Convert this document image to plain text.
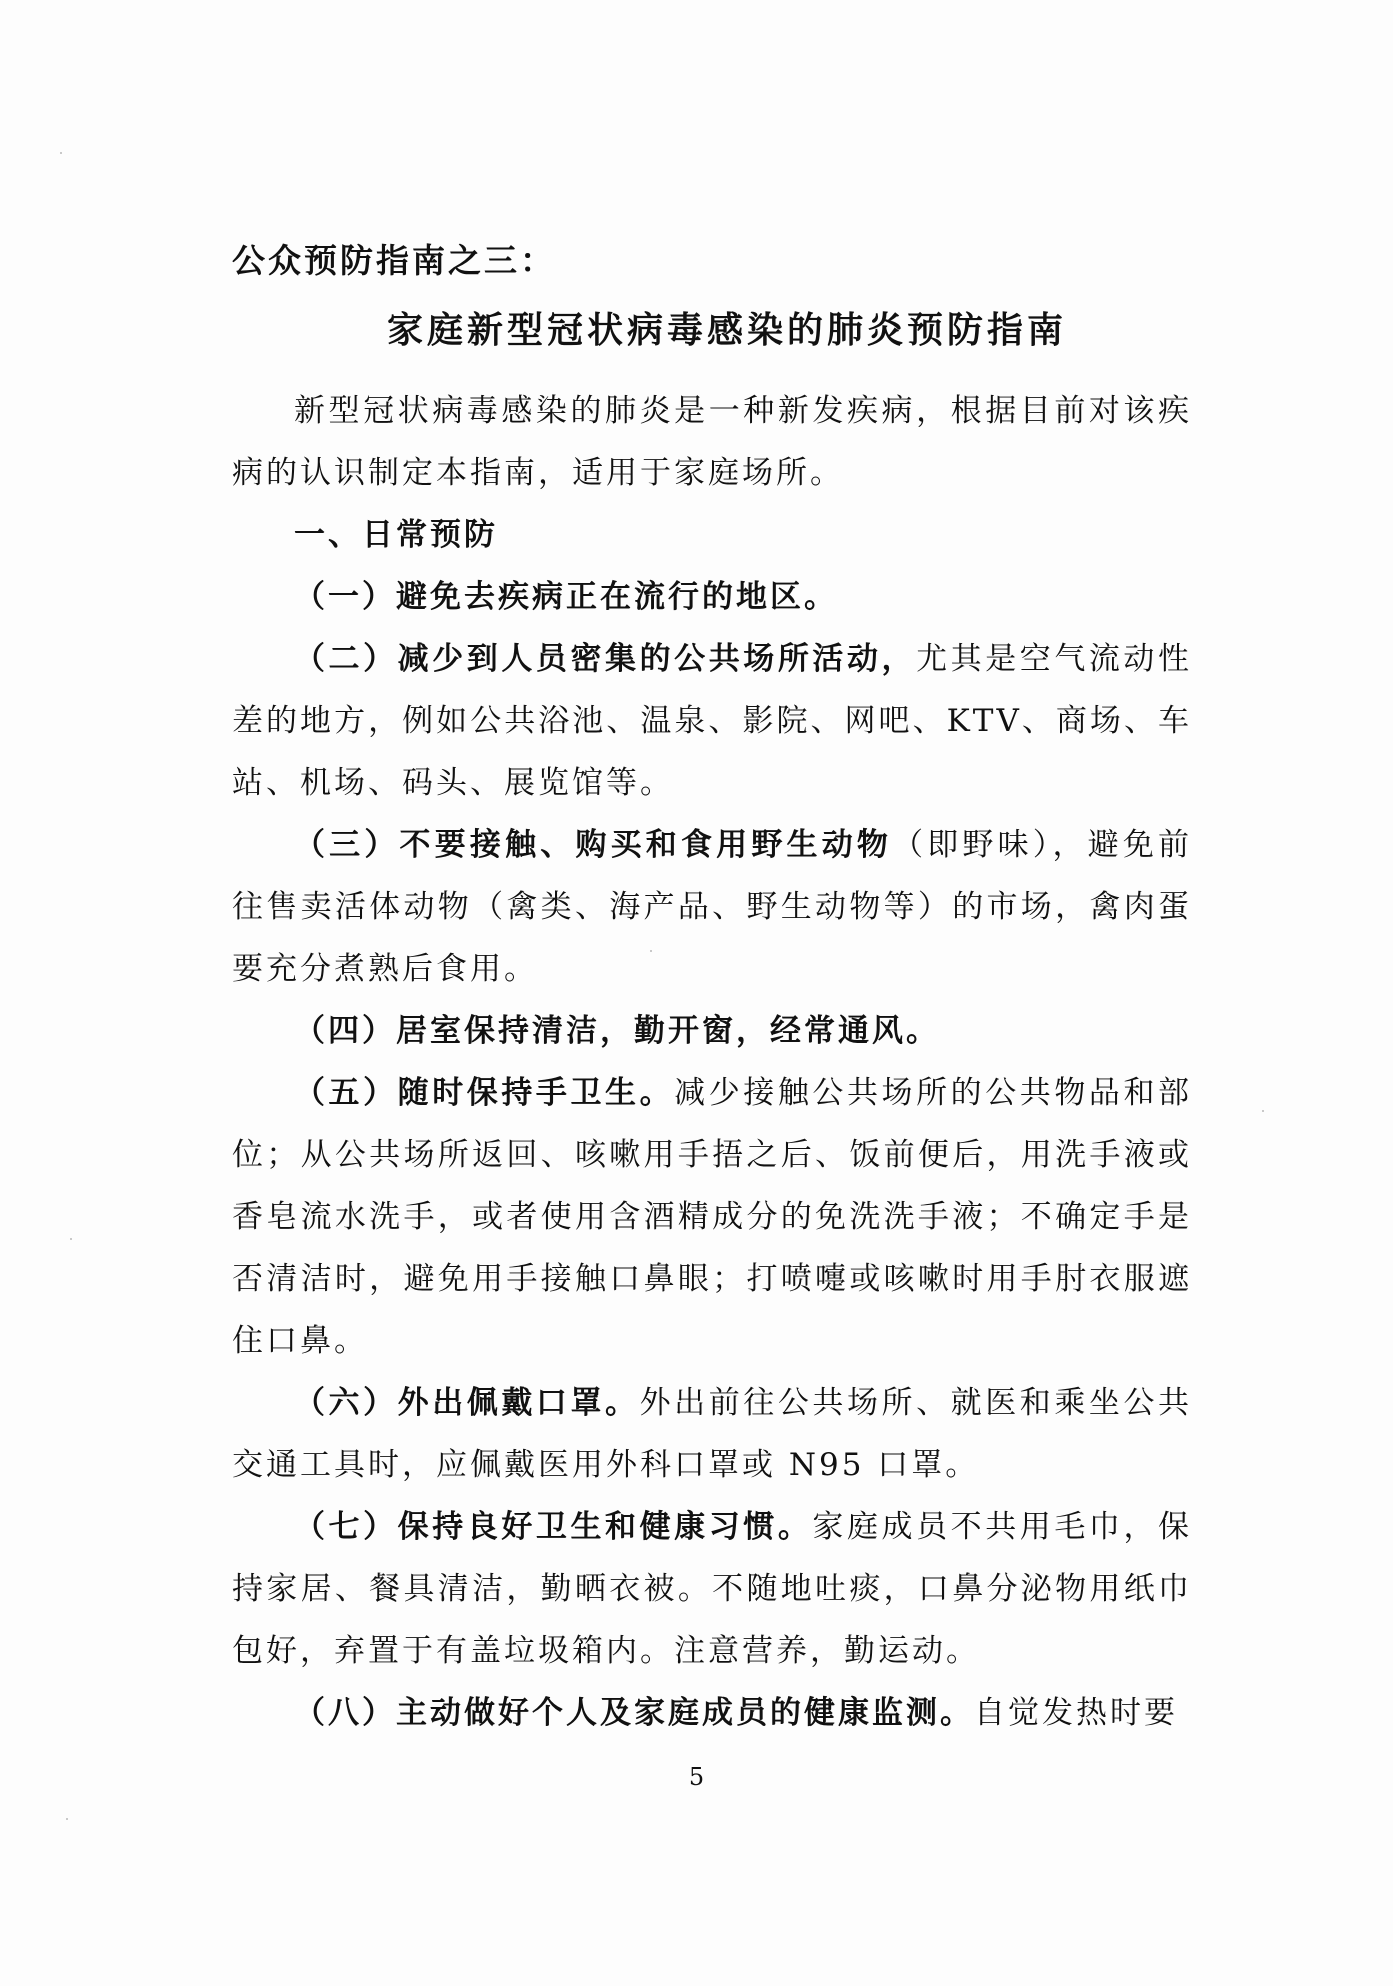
公众预防指南之三：
家庭新型冠状病毒感染的肺炎预防指南

新型冠状病毒感染的肺炎是一种新发疾病，根据目前对该疾病的认识制定本指南，适用于家庭场所。

一、日常预防

（一）避免去疾病正在流行的地区。

（二）减少到人员密集的公共场所活动，尤其是空气流动性差的地方，例如公共浴池、温泉、影院、网吧、KTV、商场、车站、机场、码头、展览馆等。

（三）不要接触、购买和食用野生动物（即野味），避免前往售卖活体动物（禽类、海产品、野生动物等）的市场，禽肉蛋要充分煮熟后食用。

（四）居室保持清洁，勤开窗，经常通风。

（五）随时保持手卫生。减少接触公共场所的公共物品和部位；从公共场所返回、咳嗽用手捂之后、饭前便后，用洗手液或香皂流水洗手，或者使用含酒精成分的免洗洗手液；不确定手是否清洁时，避免用手接触口鼻眼；打喷嚏或咳嗽时用手肘衣服遮住口鼻。

（六）外出佩戴口罩。外出前往公共场所、就医和乘坐公共交通工具时，应佩戴医用外科口罩或 N95 口罩。

（七）保持良好卫生和健康习惯。家庭成员不共用毛巾，保持家居、餐具清洁，勤晒衣被。不随地吐痰，口鼻分泌物用纸巾包好，弃置于有盖垃圾箱内。注意营养，勤运动。

（八）主动做好个人及家庭成员的健康监测。自觉发热时要

5
